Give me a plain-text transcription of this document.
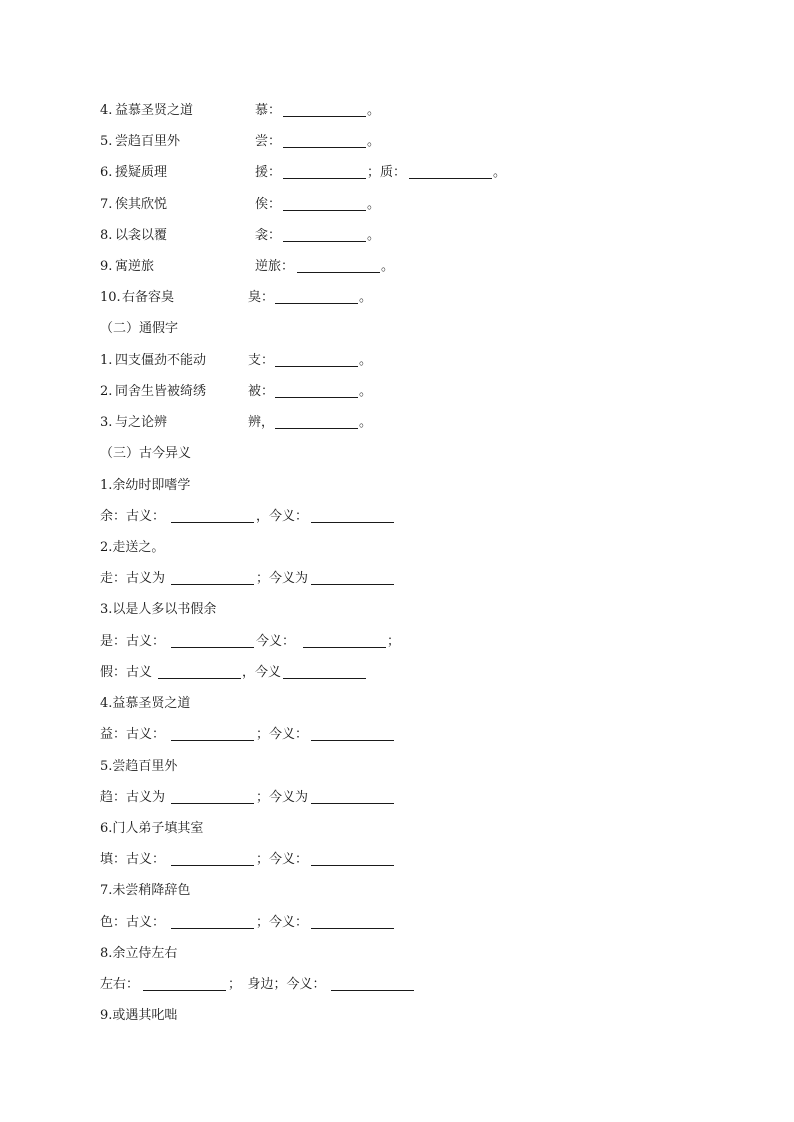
4. 益慕圣贤之道	慕：	。
5. 尝趋百里外	尝：	。
6. 援疑质理	援：	；质：	。
7. 俟其欣悦	俟：	。
8. 以衾以覆	衾：	。
9. 寓逆旅	逆旅：	。
10. 右备容臭	臭：	。
（二）通假字
1. 四支僵劲不能动	支：	。
2. 同舍生皆被绮绣	被：	。
3. 与之论辨	辨，	。
（三）古今异义
1.余幼时即嗜学
余：古义：	，今义：
2.走送之。
走：古义为	；今义为
3.以是人多以书假余
是：古义：	今义：	；
假：古义	，今义
4.益慕圣贤之道
益：古义：	；今义：
5.尝趋百里外
趋：古义为	；今义为
6.门人弟子填其室
填：古义：	；今义：
7.未尝稍降辞色
色：古义：	；今义：
8.余立侍左右
左右：	；　身边；今义：
9.或遇其叱咄
